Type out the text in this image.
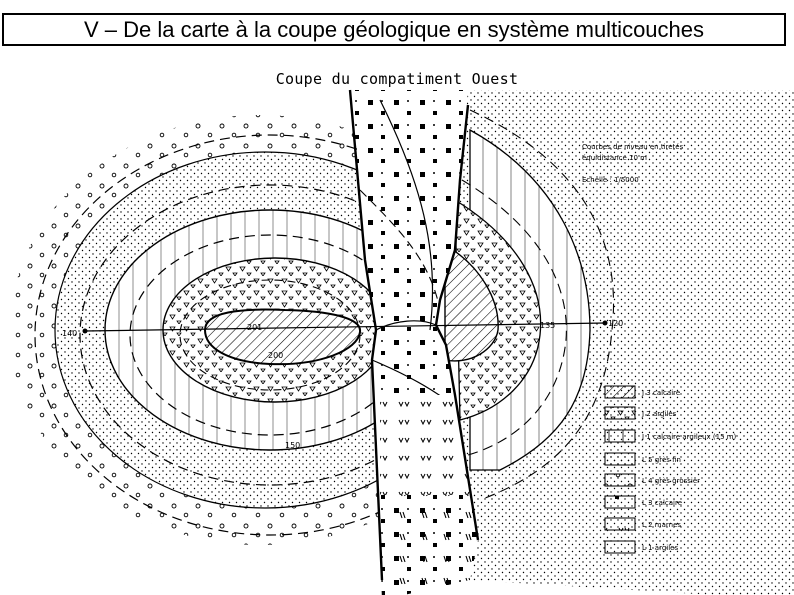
V – De la carte à la coupe géologique en système multicouches
Coupe du compatiment Ouest
140
120
135
150
200
201
Courbes de niveau en tiretés
équidistance 10 m
Echelle : 1/5000
J 3 calcaire
J 2 argiles
J 1 calcaire argileux (15 m)
L 5 grès fin
L 4 grès grossier
L 3 calcaire
L 2 marnes
L 1 argiles
